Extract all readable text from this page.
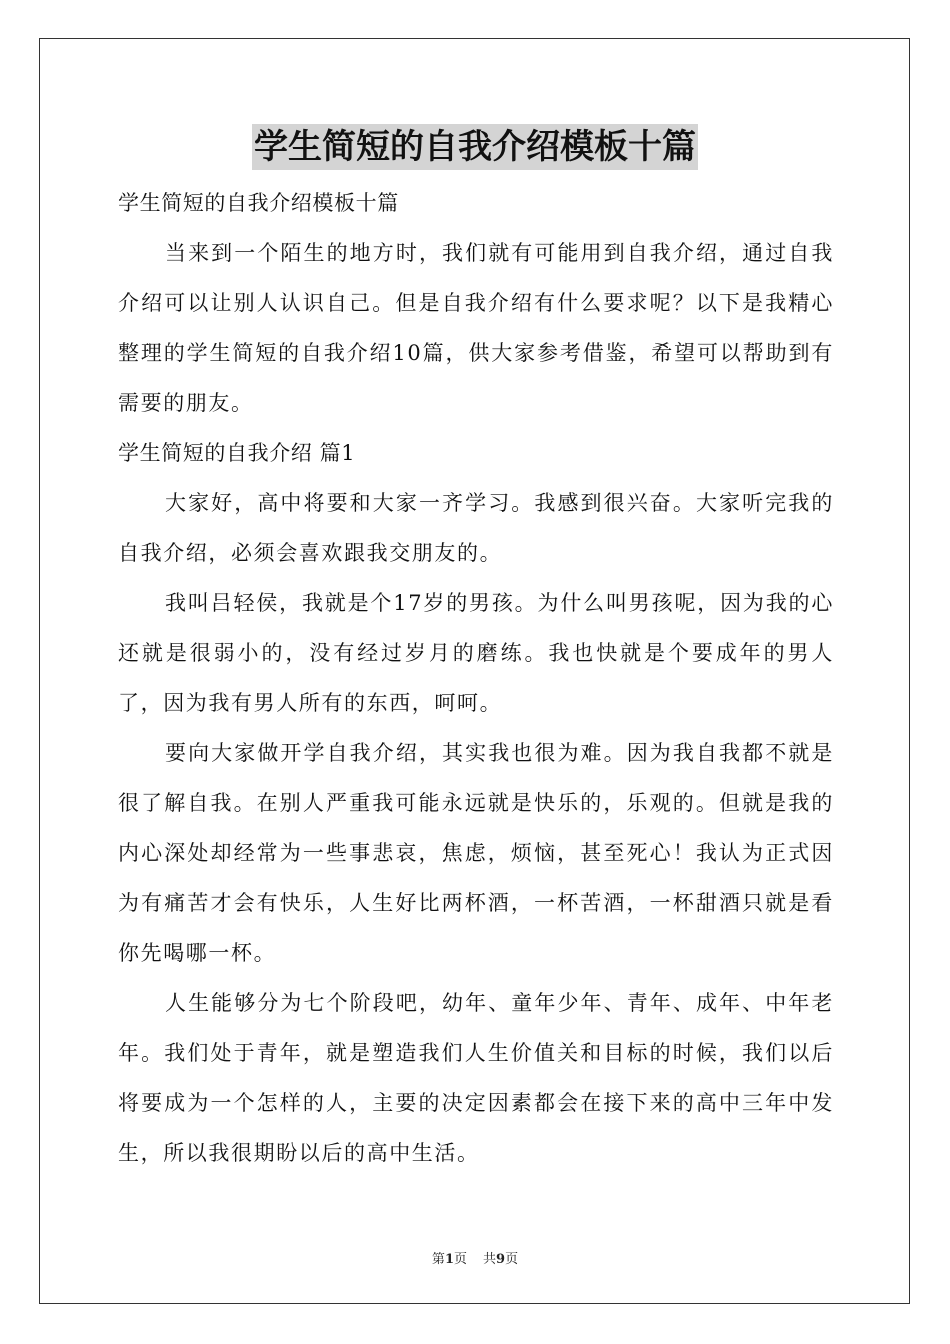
学生简短的自我介绍模板十篇

学生简短的自我介绍模板十篇

当来到一个陌生的地方时，我们就有可能用到自我介绍，通过自我介绍可以让别人认识自己。但是自我介绍有什么要求呢？以下是我精心整理的学生简短的自我介绍10篇，供大家参考借鉴，希望可以帮助到有需要的朋友。

学生简短的自我介绍 篇1

大家好，高中将要和大家一齐学习。我感到很兴奋。大家听完我的自我介绍，必须会喜欢跟我交朋友的。

我叫吕轻侯，我就是个17岁的男孩。为什么叫男孩呢，因为我的心还就是很弱小的，没有经过岁月的磨练。我也快就是个要成年的男人了，因为我有男人所有的东西，呵呵。

要向大家做开学自我介绍，其实我也很为难。因为我自我都不就是很了解自我。在别人严重我可能永远就是快乐的，乐观的。但就是我的内心深处却经常为一些事悲哀，焦虑，烦恼，甚至死心！我认为正式因为有痛苦才会有快乐，人生好比两杯酒，一杯苦酒，一杯甜酒只就是看你先喝哪一杯。

人生能够分为七个阶段吧，幼年、童年少年、青年、成年、中年老年。我们处于青年，就是塑造我们人生价值关和目标的时候，我们以后将要成为一个怎样的人，主要的决定因素都会在接下来的高中三年中发生，所以我很期盼以后的高中生活。

第1页 共9页
